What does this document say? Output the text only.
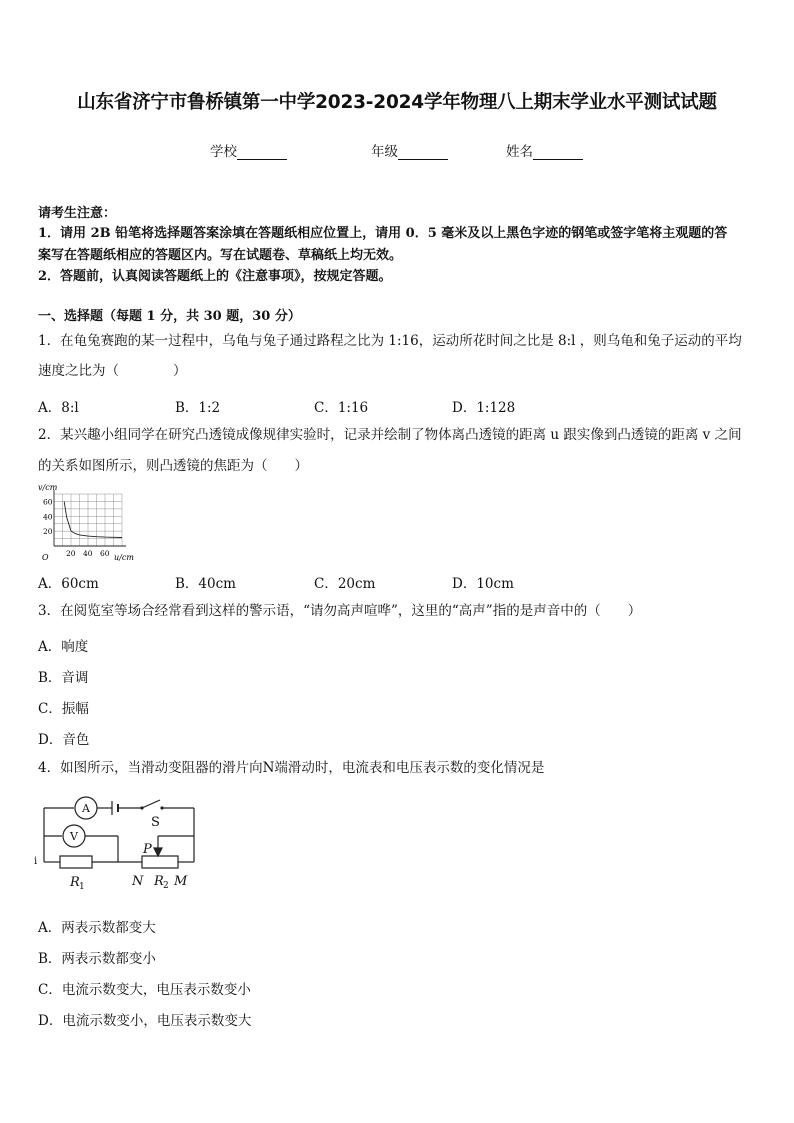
山东省济宁市鲁桥镇第一中学2023-2024学年物理八上期末学业水平测试试题
学校	年级	姓名
请考生注意：
1．请用 2B 铅笔将选择题答案涂填在答题纸相应位置上，请用 0．5 毫米及以上黑色字迹的钢笔或签字笔将主观题的答
案写在答题纸相应的答题区内。写在试题卷、草稿纸上均无效。
2．答题前，认真阅读答题纸上的《注意事项》，按规定答题。
一、选择题（每题 1 分，共 30 题，30 分）
1．在龟兔赛跑的某一过程中，乌龟与兔子通过路程之比为 1:16，运动所花时间之比是 8:l ，则乌龟和兔子运动的平均
速度之比为（　　　　）
A．8:l	B．1:2	C．1:16	D．1:128
2．某兴趣小组同学在研究凸透镜成像规律实验时，记录并绘制了物体离凸透镜的距离 u 跟实像到凸透镜的距离 v 之间
的关系如图所示，则凸透镜的焦距为（　　）
20 40 60
60
40
20
v/cm
u/cm
O
A．60cm	B．40cm	C．20cm	D．10cm
3．在阅览室等场合经常看到这样的警示语，“请勿高声喧哗”，这里的“高声”指的是声音中的（　　）
A．响度
B．音调
C．振幅
D．音色
4．如图所示，当滑动变阻器的滑片向N端滑动时，电流表和电压表示数的变化情况是
A
V
S
P
R 1	N R 2 M
i
A．两表示数都变大
B．两表示数都变小
C．电流示数变大，电压表示数变小
D．电流示数变小，电压表示数变大
